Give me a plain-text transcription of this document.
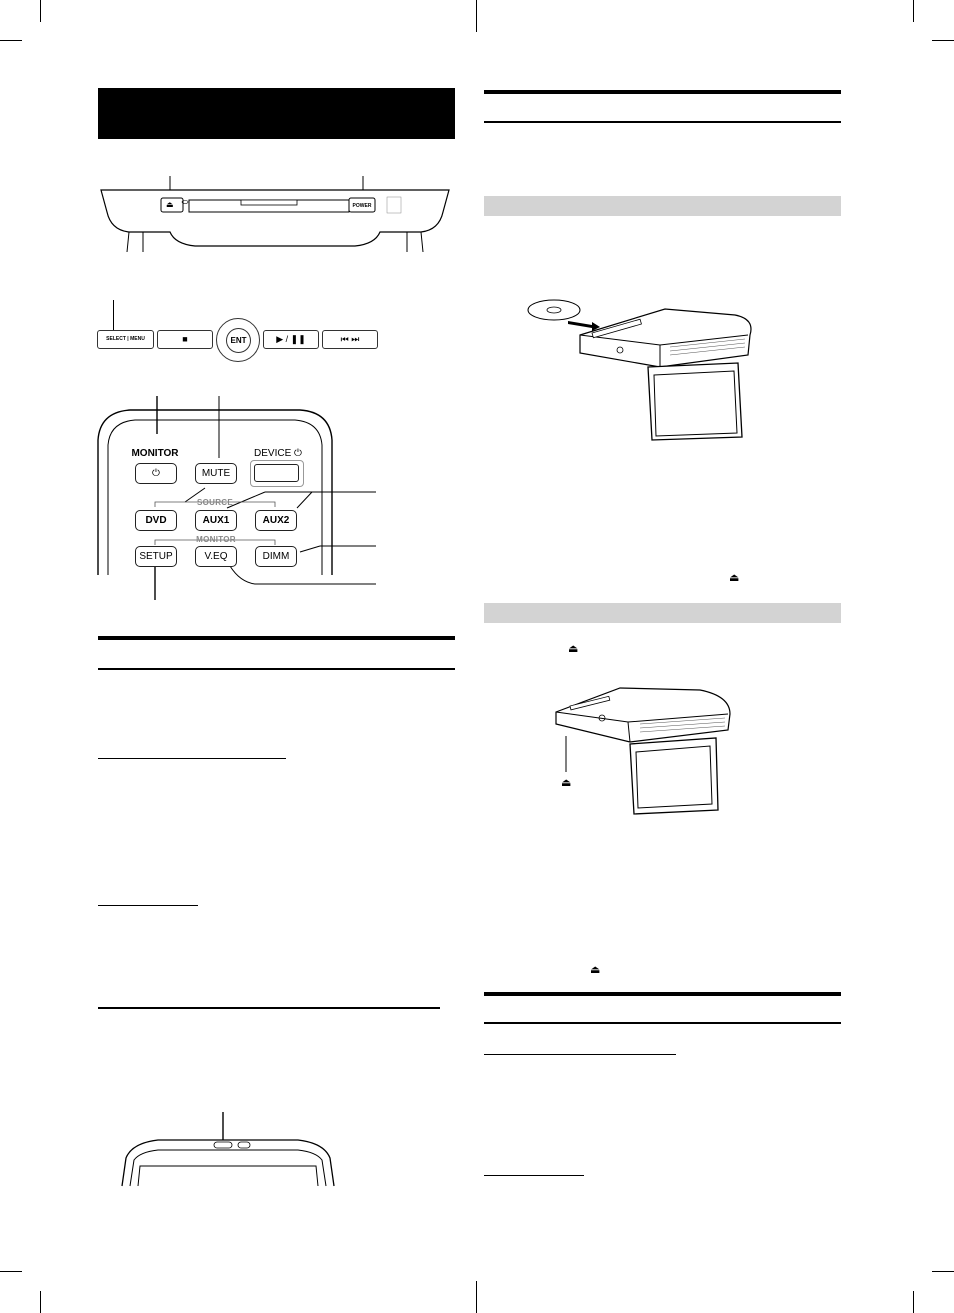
⏏	POWER
SELECT | MENU	■	ENT	▶ / ❚❚	⏮ ⏭
MONITOR
⏻	MUTE
DEVICE ⏻
SOURCE
DVD	AUX1	AUX2
MONITOR
SETUP	V.EQ	DIMM
⏏
⏏
⏏
⏏
